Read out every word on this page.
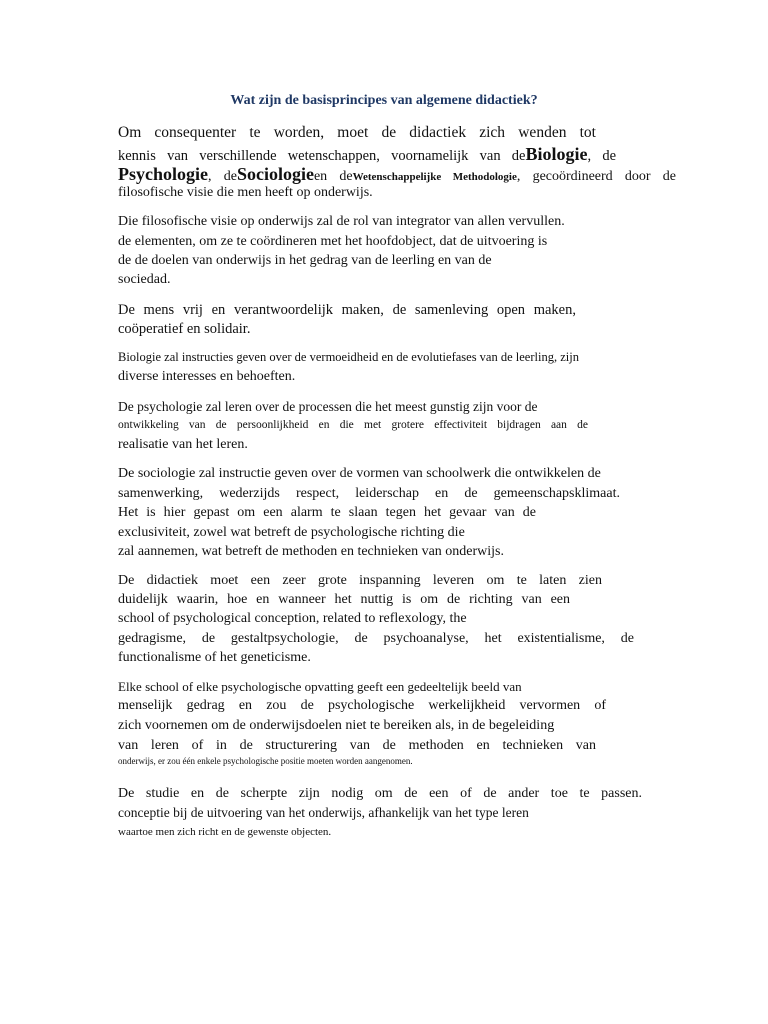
Wat zijn de basisprincipes van algemene didactiek?
Om consequenter te worden, moet de didactiek zich wenden tot
kennis van verschillende wetenschappen, voornamelijk van deBiologie, de
Psychologie, deSociologieen deWetenschappelijke Methodologie, gecoördineerd door de
filosofische visie die men heeft op onderwijs.
Die filosofische visie op onderwijs zal de rol van integrator van allen vervullen.
de elementen, om ze te coördineren met het hoofdobject, dat de uitvoering is
de de doelen van onderwijs in het gedrag van de leerling en van de
sociedad.
De mens vrij en verantwoordelijk maken, de samenleving open maken,
coöperatief en solidair.
Biologie zal instructies geven over de vermoeidheid en de evolutiefases van de leerling, zijn
diverse interesses en behoeften.
De psychologie zal leren over de processen die het meest gunstig zijn voor de
ontwikkeling van de persoonlijkheid en die met grotere effectiviteit bijdragen aan de
realisatie van het leren.
De sociologie zal instructie geven over de vormen van schoolwerk die ontwikkelen de
samenwerking, wederzijds respect, leiderschap en de gemeenschapsklimaat.
Het is hier gepast om een alarm te slaan tegen het gevaar van de
exclusiviteit, zowel wat betreft de psychologische richting die
zal aannemen, wat betreft de methoden en technieken van onderwijs.
De didactiek moet een zeer grote inspanning leveren om te laten zien
duidelijk waarin, hoe en wanneer het nuttig is om de richting van een
school of psychological conception, related to reflexology, the
gedragisme, de gestaltpsychologie, de psychoanalyse, het existentialisme, de
functionalisme of het geneticisme.
Elke school of elke psychologische opvatting geeft een gedeeltelijk beeld van
menselijk gedrag en zou de psychologische werkelijkheid vervormen of
zich voornemen om de onderwijsdoelen niet te bereiken als, in de begeleiding
van leren of in de structurering van de methoden en technieken van
onderwijs, er zou één enkele psychologische positie moeten worden aangenomen.
De studie en de scherpte zijn nodig om de een of de ander toe te passen.
conceptie bij de uitvoering van het onderwijs, afhankelijk van het type leren
waartoe men zich richt en de gewenste objecten.
